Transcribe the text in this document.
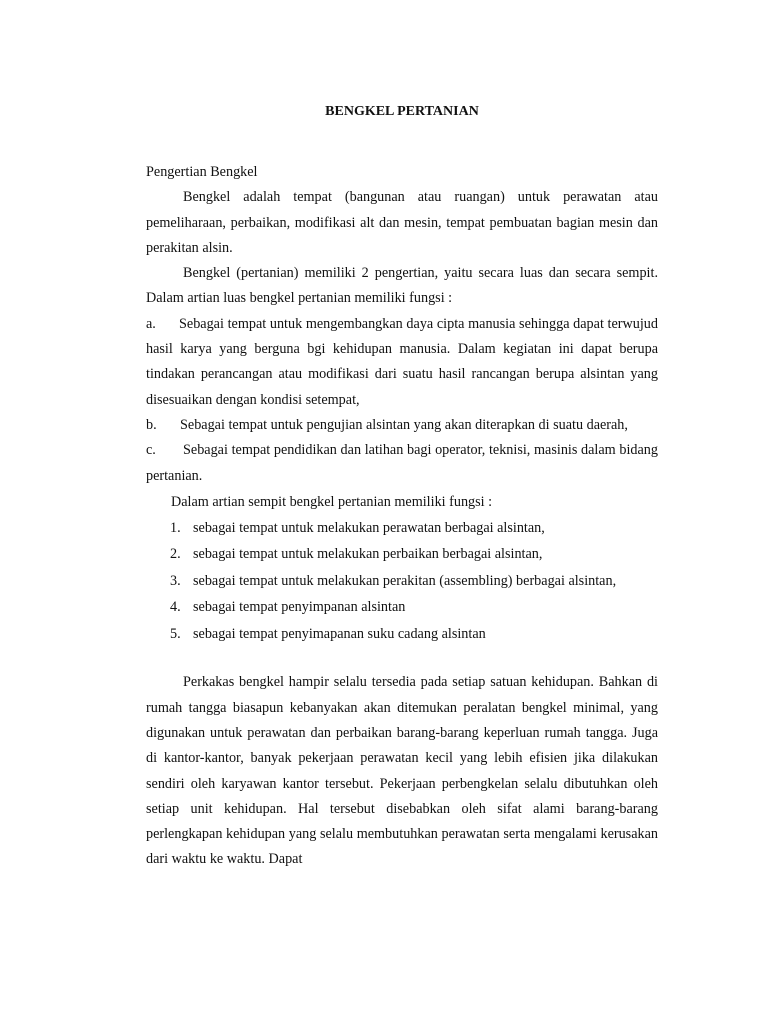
BENGKEL PERTANIAN
Pengertian Bengkel

Bengkel adalah tempat (bangunan atau ruangan) untuk perawatan atau pemeliharaan, perbaikan, modifikasi alt dan mesin, tempat pembuatan bagian mesin dan perakitan alsin.

Bengkel (pertanian) memiliki 2 pengertian, yaitu secara luas dan secara sempit. Dalam artian luas bengkel pertanian memiliki fungsi :

a. Sebagai tempat untuk mengembangkan daya cipta manusia sehingga dapat terwujud hasil karya yang berguna bgi kehidupan manusia. Dalam kegiatan ini dapat berupa tindakan perancangan atau modifikasi dari suatu hasil rancangan berupa alsintan yang disesuaikan dengan kondisi setempat,

b. Sebagai tempat untuk pengujian alsintan yang akan diterapkan di suatu daerah,

c. Sebagai tempat pendidikan dan latihan bagi operator, teknisi, masinis dalam bidang pertanian.

Dalam artian sempit bengkel pertanian memiliki fungsi :

1. sebagai tempat untuk melakukan perawatan berbagai alsintan,
2. sebagai tempat untuk melakukan perbaikan berbagai alsintan,
3. sebagai tempat untuk melakukan perakitan (assembling) berbagai alsintan,
4. sebagai tempat penyimpanan alsintan
5. sebagai tempat penyimapanan suku cadang alsintan

Perkakas bengkel hampir selalu tersedia pada setiap satuan kehidupan. Bahkan di rumah tangga biasapun kebanyakan akan ditemukan peralatan bengkel minimal, yang digunakan untuk perawatan dan perbaikan barang-barang keperluan rumah tangga. Juga di kantor-kantor, banyak pekerjaan perawatan kecil yang lebih efisien jika dilakukan sendiri oleh karyawan kantor tersebut. Pekerjaan perbengkelan selalu dibutuhkan oleh setiap unit kehidupan. Hal tersebut disebabkan oleh sifat alami barang-barang perlengkapan kehidupan yang selalu membutuhkan perawatan serta mengalami kerusakan dari waktu ke waktu. Dapat
